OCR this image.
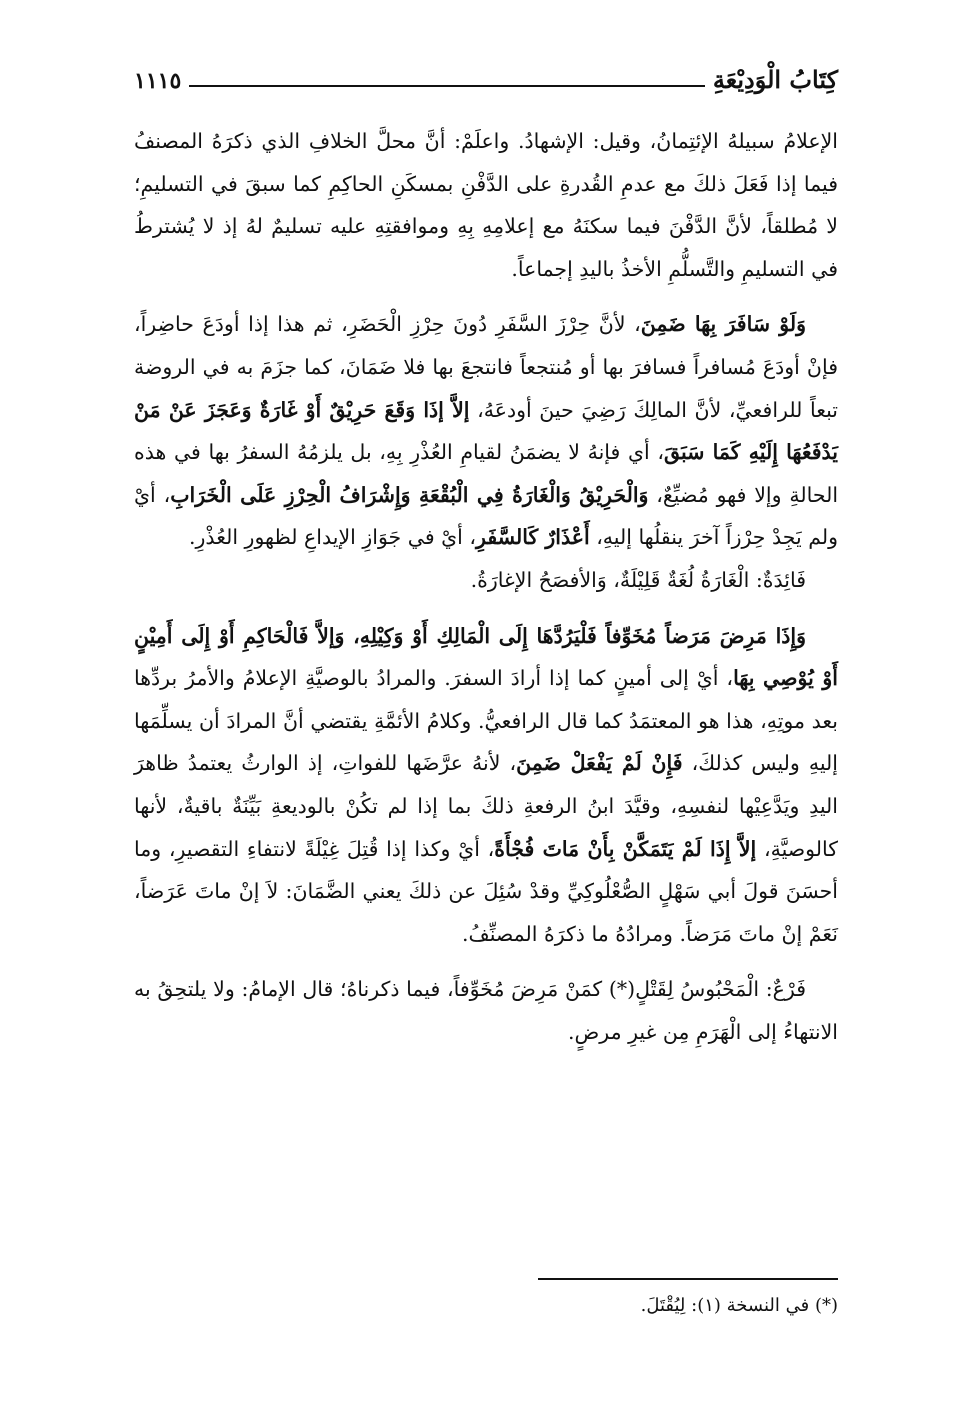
كِتَابُ الْوَدِيْعَةِ
١١١٥

الإعلامُ سبيلهُ الإئتِمانُ، وقيل: الإشهادُ. واعلَمْ: أنَّ محلَّ الخلافِ الذي ذكرَهُ المصنفُ فيما إذا فَعَلَ ذلكَ مع عدمِ القُدرةِ على الدَّفْنِ بمسكَنِ الحاكِمِ كما سبقَ في التسليمِ؛ لا مُطلقاً، لأنَّ الدَّفْنَ فيما سكنَهُ مع إعلامِهِ بِهِ وموافقتِهِ عليه تسليمٌ لهُ إذ لا يُشترطُ في التسليمِ والتَّسلُّمِ الأخذُ باليدِ إجماعاً.

وَلَوْ سَافَرَ بِهَا ضَمِنَ، لأنَّ حِرْزَ السَّفَرِ دُونَ حِرْزِ الْحَضَرِ، ثم هذا إذا أودَعَ حاضِراً، فإنْ أودَعَ مُسافراً فسافرَ بها أو مُنتجعاً فانتجعَ بها فلا ضَمَانَ، كما جزَمَ به في الروضة تبعاً للرافعيِّ، لأنَّ المالِكَ رَضِيَ حينَ أودعَهُ، إلاَّ إذَا وَقَعَ حَرِيْقٌ أَوْ غَارَةٌ وَعَجَزَ عَنْ مَنْ يَدْفَعُهَا إِلَيْهِ كَمَا سَبَقَ، أي فإنهُ لا يضمَنُ لقيامِ العُذْرِ بِهِ، بل يلزمُهُ السفرُ بها في هذه الحالةِ وإلا فهو مُضيِّعٌ، وَالْحَرِيْقُ وَالْغَارَةُ فِي الْبُقْعَةِ وَإِشْرَافُ الْحِرْزِ عَلَى الْخَرَابِ، أيْ ولم يَجِدْ حِرْزاً آخرَ ينقلُها إليهِ، أَعْذَارٌ كَالسَّفَرِ، أيْ في جَوَازِ الإيداعِ لظهورِ العُذْرِ.

فَائِدَةٌ: الْغَارَةُ لُغَةٌ قَلِيْلَةٌ، وَالأفصَحُ الإغارَةُ.

وَإِذَا مَرِضَ مَرَضاً مُخَوِّفاً فَلْيَرُدَّهَا إِلَى الْمَالِكِ أَوْ وَكِيْلِهِ، وَإلاَّ فَالْحَاكِمِ أَوْ إِلَى أَمِيْنٍ أَوْ يُوْصِي بِهَا، أيْ إلى أمينٍ كما إذا أرادَ السفرَ. والمرادُ بالوصيَّةِ الإعلامُ والأمرُ بردِّها بعد موتِهِ، هذا هو المعتمَدُ كما قال الرافعيُّ. وكلامُ الأئمَّةِ يقتضي أنَّ المرادَ أن يسلِّمَها إليهِ وليس كذلكَ، فَإِنْ لَمْ يَفْعَلْ ضَمِنَ، لأنهُ عرَّضَها للفواتِ، إذ الوارثُ يعتمدُ ظاهرَ اليدِ ويَدَّعِيْها لنفسِهِ، وقيَّدَ ابنُ الرفعةِ ذلكَ بما إذا لم تكُنْ بالوديعةِ بَيِّنَةٌ باقيةٌ، لأنها كالوصيَّةِ، إلاَّ إِذَا لَمْ يَتَمَكَّنْ بِأَنْ مَاتَ فُجْأَةً، أيْ وكذا إذا قُتِلَ غِيْلَةً لانتفاءِ التقصيرِ، وما أحسَنَ قولَ أبي سَهْلٍ الصُّعْلُوكِيِّ وقدْ سُئِلَ عن ذلكَ يعني الضَّمَانَ: لاَ إنْ ماتَ عَرَضاً، نَعَمْ إنْ ماتَ مَرَضاً. ومرادُهُ ما ذكرَهُ المصنِّفُ.

فَرْعٌ: الْمَحْبُوسُ لِقَتْلٍ(*) كمَنْ مَرِضَ مُخَوِّفاً، فيما ذكرناهُ؛ قال الإمامُ: ولا يلتحِقُ به الانتهاءُ إلى الْهَرَمِ مِن غيرِ مرضٍ.

(*) في النسخة (١): لِيُقْتَلَ.
